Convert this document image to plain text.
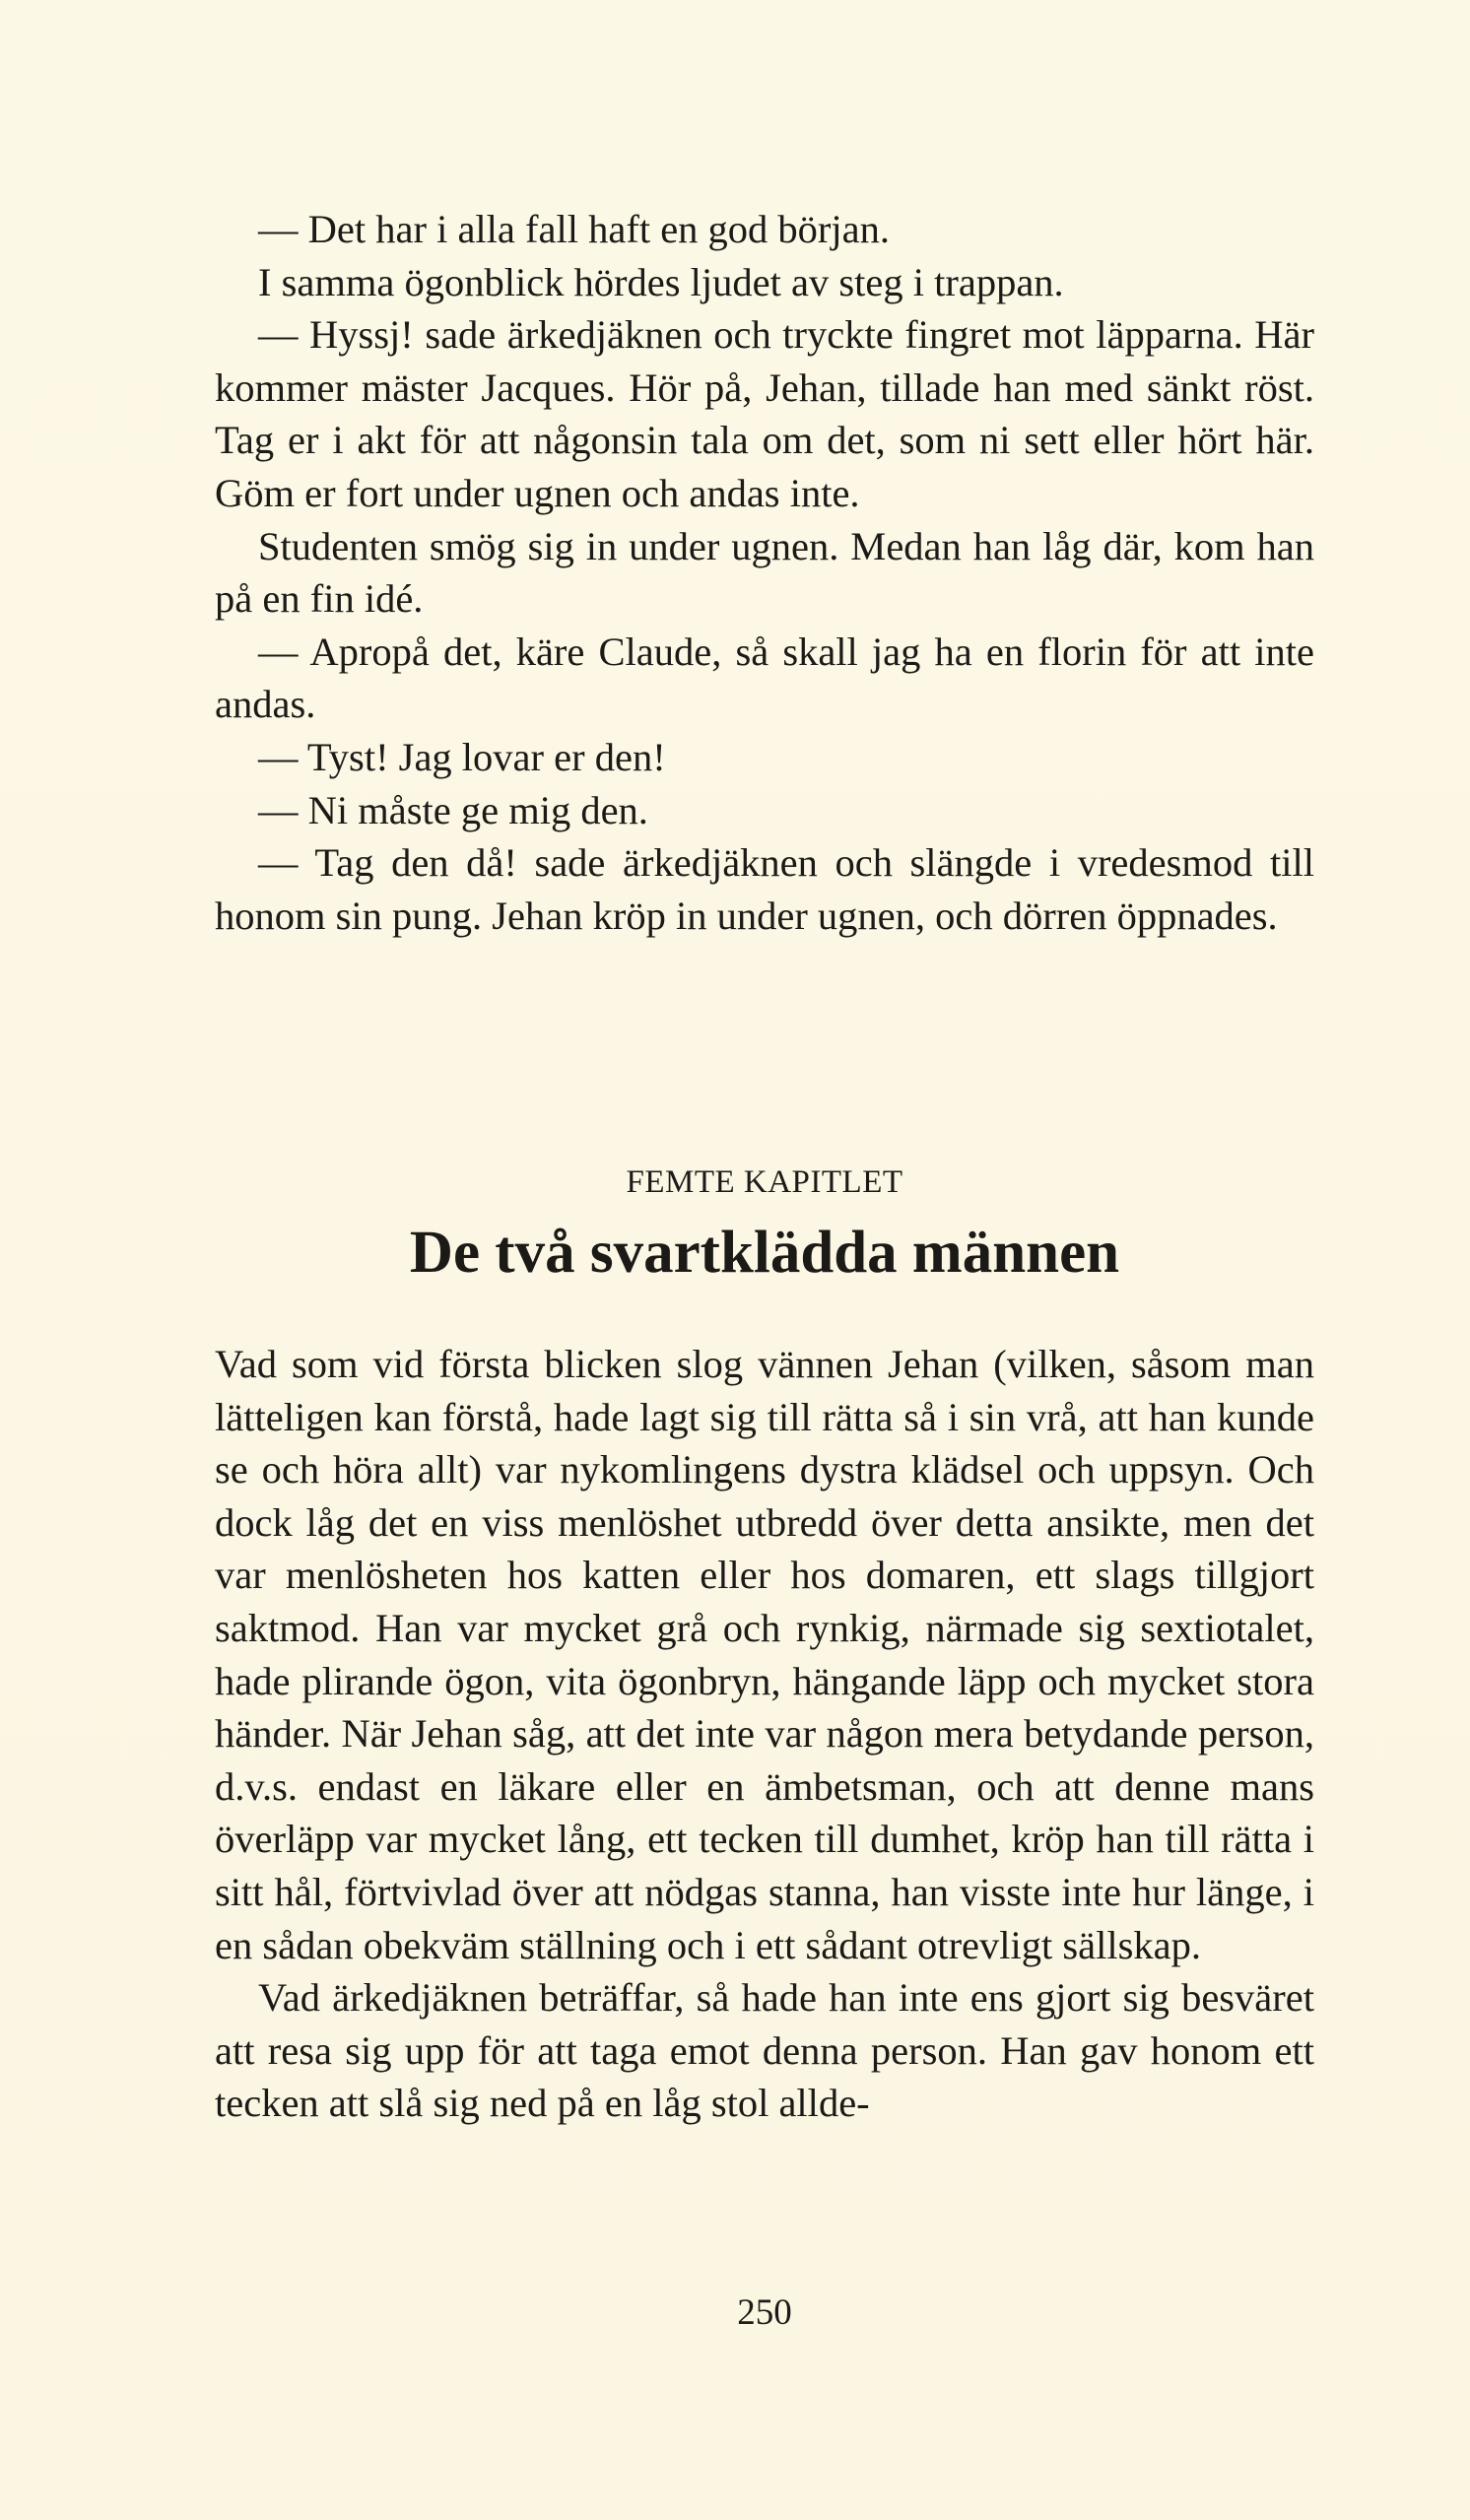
— Det har i alla fall haft en god början.

I samma ögonblick hördes ljudet av steg i trappan.

— Hyssj! sade ärkedjäknen och tryckte fingret mot läpparna. Här kommer mäster Jacques. Hör på, Jehan, tillade han med sänkt röst. Tag er i akt för att någonsin tala om det, som ni sett eller hört här. Göm er fort under ugnen och andas inte.

Studenten smög sig in under ugnen. Medan han låg där, kom han på en fin idé.

— Apropå det, käre Claude, så skall jag ha en florin för att inte andas.

— Tyst! Jag lovar er den!

— Ni måste ge mig den.

— Tag den då! sade ärkedjäknen och slängde i vredesmod till honom sin pung. Jehan kröp in under ugnen, och dörren öppnades.

FEMTE KAPITLET
De två svartklädda männen

Vad som vid första blicken slog vännen Jehan (vilken, såsom man lätteligen kan förstå, hade lagt sig till rätta så i sin vrå, att han kunde se och höra allt) var nykomlingens dystra klädsel och uppsyn. Och dock låg det en viss menlöshet utbredd över detta ansikte, men det var menlösheten hos katten eller hos domaren, ett slags tillgjort saktmod. Han var mycket grå och rynkig, närmade sig sextiotalet, hade plirande ögon, vita ögonbryn, hängande läpp och mycket stora händer. När Jehan såg, att det inte var någon mera betydande person, d.v.s. endast en läkare eller en ämbetsman, och att denne mans överläpp var mycket lång, ett tecken till dumhet, kröp han till rätta i sitt hål, förtvivlad över att nödgas stanna, han visste inte hur länge, i en sådan obekväm ställning och i ett sådant otrevligt sällskap.

Vad ärkedjäknen beträffar, så hade han inte ens gjort sig besväret att resa sig upp för att taga emot denna person. Han gav honom ett tecken att slå sig ned på en låg stol allde-

250
